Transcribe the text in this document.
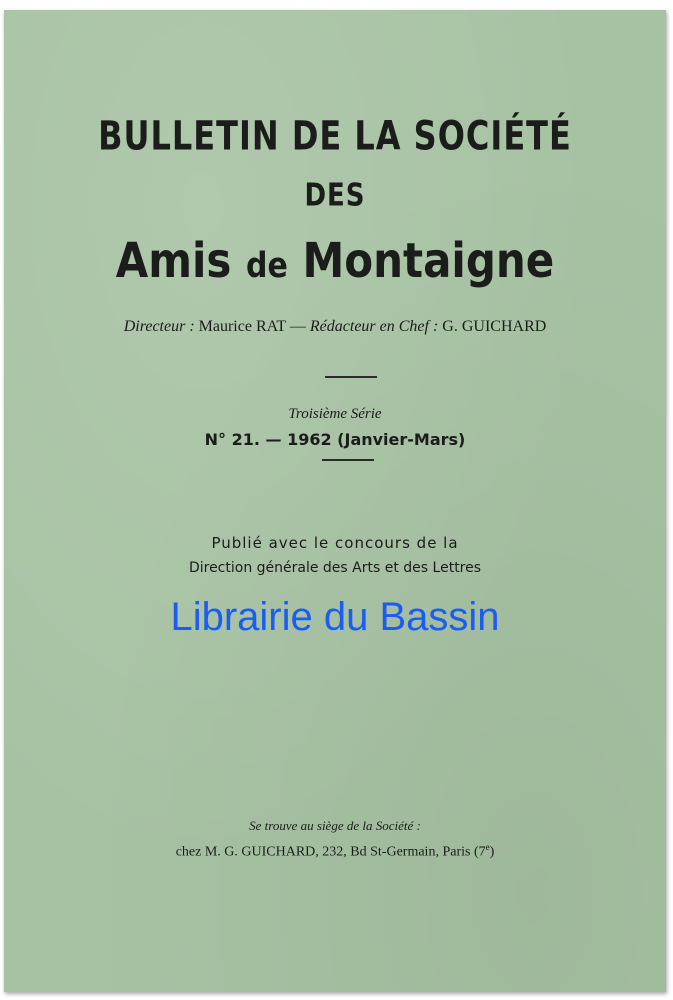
BULLETIN DE LA SOCIÉTÉ
DES
Amis de Montaigne
Directeur : Maurice RAT — Rédacteur en Chef : G. GUICHARD
Troisième Série
N° 21. — 1962 (Janvier-Mars)
Publié avec le concours de la
Direction générale des Arts et des Lettres
Librairie du Bassin
Se trouve au siège de la Société :
chez M. G. GUICHARD, 232, Bd St-Germain, Paris (7e)
